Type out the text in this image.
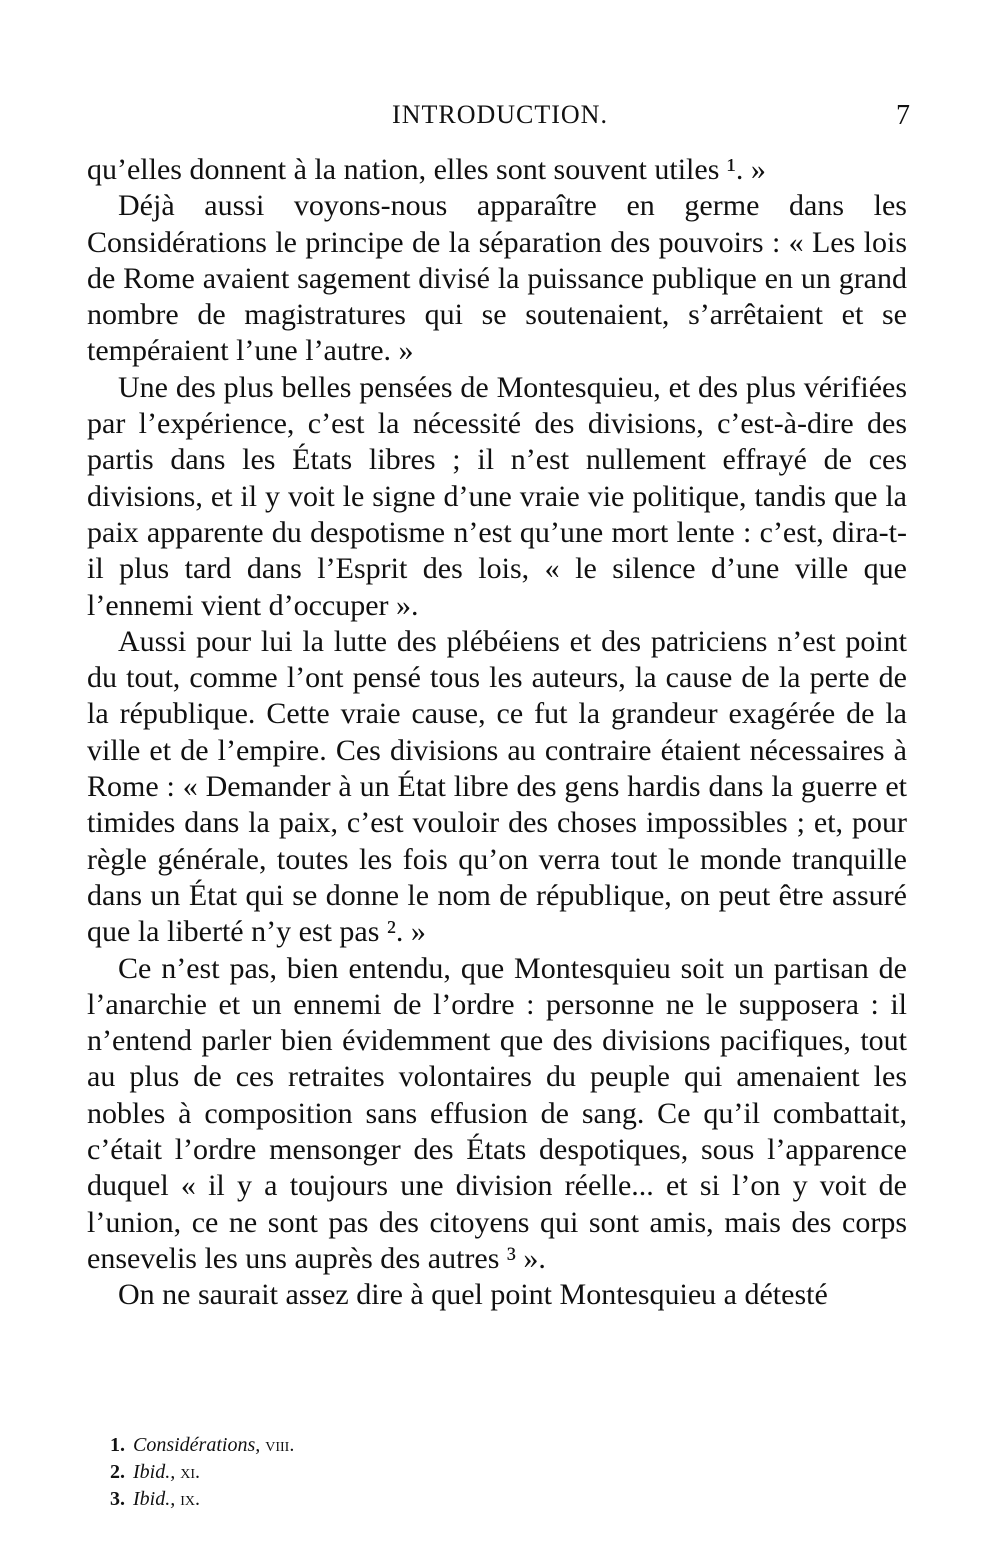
INTRODUCTION.	7

qu’elles donnent à la nation, elles sont souvent utiles ¹. »

Déjà aussi voyons-nous apparaître en germe dans les Considérations le principe de la séparation des pouvoirs : « Les lois de Rome avaient sagement divisé la puissance publique en un grand nombre de magistratures qui se soutenaient, s’arrêtaient et se tempéraient l’une l’autre. »

Une des plus belles pensées de Montesquieu, et des plus vérifiées par l’expérience, c’est la nécessité des divisions, c’est-à-dire des partis dans les États libres ; il n’est nullement effrayé de ces divisions, et il y voit le signe d’une vraie vie politique, tandis que la paix apparente du despotisme n’est qu’une mort lente : c’est, dira-t-il plus tard dans l’Esprit des lois, « le silence d’une ville que l’ennemi vient d’occuper ».

Aussi pour lui la lutte des plébéiens et des patriciens n’est point du tout, comme l’ont pensé tous les auteurs, la cause de la perte de la république. Cette vraie cause, ce fut la grandeur exagérée de la ville et de l’empire. Ces divisions au contraire étaient nécessaires à Rome : « Demander à un État libre des gens hardis dans la guerre et timides dans la paix, c’est vouloir des choses impossibles ; et, pour règle générale, toutes les fois qu’on verra tout le monde tranquille dans un État qui se donne le nom de république, on peut être assuré que la liberté n’y est pas ². »

Ce n’est pas, bien entendu, que Montesquieu soit un partisan de l’anarchie et un ennemi de l’ordre : personne ne le supposera : il n’entend parler bien évidemment que des divisions pacifiques, tout au plus de ces retraites volontaires du peuple qui amenaient les nobles à composition sans effusion de sang. Ce qu’il combattait, c’était l’ordre mensonger des États despotiques, sous l’apparence duquel « il y a toujours une division réelle... et si l’on y voit de l’union, ce ne sont pas des citoyens qui sont amis, mais des corps ensevelis les uns auprès des autres ³ ».

On ne saurait assez dire à quel point Montesquieu a détesté

1. Considérations, viii.

2. Ibid., xi.

3. Ibid., ix.
